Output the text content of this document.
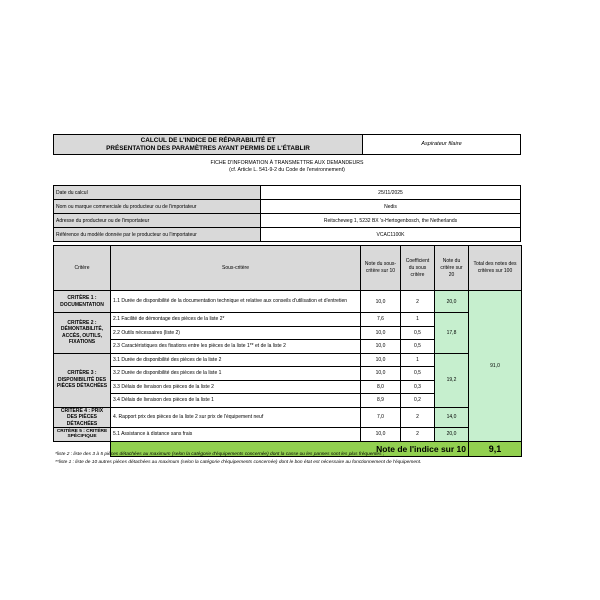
CALCUL DE L'INDICE DE RÉPARABILITÉ ET
PRÉSENTATION DES PARAMÈTRES AYANT PERMIS DE L'ÉTABLIR
Aspirateur filaire
FICHE D'INFORMATION À TRANSMETTRE AUX DEMANDEURS
(cf. Article L. 541-9-2 du Code de l'environnement)
Date du calcul	25/11/2025
Nom ou marque commerciale du producteur ou de l'importateur	Nedis
Adresse du producteur ou de l'importateur	Reitscheweg 1, 5232 BX 's-Hertogenbosch, the Netherlands
Référence du modèle donnée par le producteur ou l'importateur	VCAC1100K
Critère	Sous-critère	Note du sous-critère sur 10	Coefficient du sous critère	Note du critère sur 20	Total des notes des critères sur 100
CRITÈRE 1 : DOCUMENTATION	1.1 Durée de disponibilité de la documentation technique et relative aux conseils d'utilisation et d'entretien	10,0	2	20,0	91,0
CRITÈRE 2 : DÉMONTABILITÉ, ACCÈS, OUTILS, FIXATIONS	2.1 Facilité de démontage des pièces de la liste 2*	7,6	1	17,8	
	2.2 Outils nécessaires (liste 2)	10,0	0,5		
	2.3 Caractéristiques des fixations entre les pièces de la liste 1** et de la liste 2	10,0	0,5		
CRITÈRE 3 : DISPONIBILITÉ DES PIÈCES DÉTACHÉES	3.1 Durée de disponibilité des pièces de la liste 2	10,0	1	19,2	
	3.2 Durée de disponibilité des pièces de la liste 1	10,0	0,5		
	3.3 Délais de livraison des pièces de la liste 2	8,0	0,3		
	3.4 Délais de livraison des pièces de la liste 1	8,9	0,2		
CRITÈRE 4 : PRIX DES PIÈCES DÉTACHÉES	4. Rapport prix des pièces de la liste 2 sur prix de l'équipement neuf	7,0	2	14,0	
CRITÈRE 5 : CRITÈRE SPÉCIFIQUE	5.1 Assistance à distance sans frais	10,0	2	20,0	
	Note de l'indice sur 10				9,1
*liste 2 : liste des 3 à 5 pièces détachées au maximum (selon la catégorie d'équipements concernée) dont la casse ou les pannes sont les plus fréquentes ;
**liste 1 : liste de 10 autres pièces détachées au maximum (selon la catégorie d'équipements concernée) dont le bon état est nécessaire au fonctionnement de l'équipement.
